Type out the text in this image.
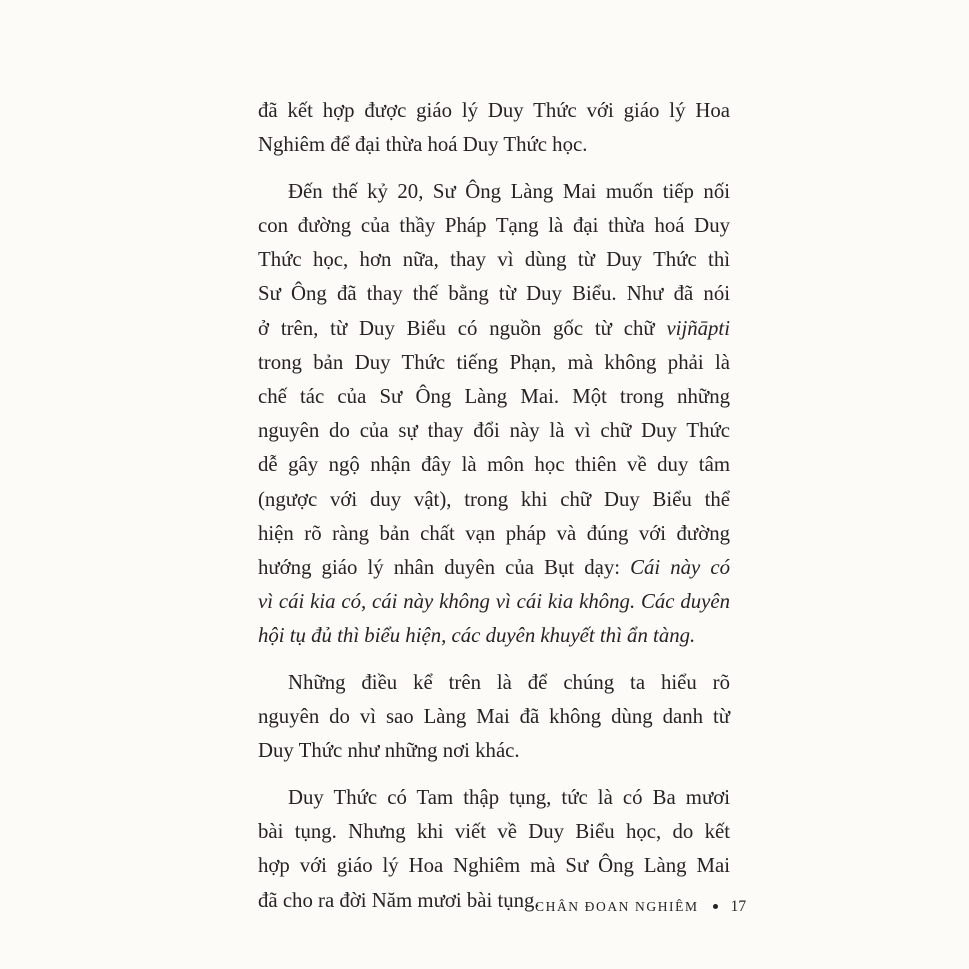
đã kết hợp được giáo lý Duy Thức với giáo lý Hoa
Nghiêm để đại thừa hoá Duy Thức học.
Đến thế kỷ 20, Sư Ông Làng Mai muốn tiếp nối
con đường của thầy Pháp Tạng là đại thừa hoá Duy
Thức học, hơn nữa, thay vì dùng từ Duy Thức thì
Sư Ông đã thay thế bằng từ Duy Biểu. Như đã nói
ở trên, từ Duy Biểu có nguồn gốc từ chữ vijñāpti
trong bản Duy Thức tiếng Phạn, mà không phải là
chế tác của Sư Ông Làng Mai. Một trong những
nguyên do của sự thay đổi này là vì chữ Duy Thức
dễ gây ngộ nhận đây là môn học thiên về duy tâm
(ngược với duy vật), trong khi chữ Duy Biểu thể
hiện rõ ràng bản chất vạn pháp và đúng với đường
hướng giáo lý nhân duyên của Bụt dạy: Cái này có
vì cái kia có, cái này không vì cái kia không. Các duyên
hội tụ đủ thì biểu hiện, các duyên khuyết thì ẩn tàng.
Những điều kể trên là để chúng ta hiểu rõ
nguyên do vì sao Làng Mai đã không dùng danh từ
Duy Thức như những nơi khác.
Duy Thức có Tam thập tụng, tức là có Ba mươi
bài tụng. Nhưng khi viết về Duy Biểu học, do kết
hợp với giáo lý Hoa Nghiêm mà Sư Ông Làng Mai
đã cho ra đời Năm mươi bài tụng.
CHÂN ĐOAN NGHIÊM 17
